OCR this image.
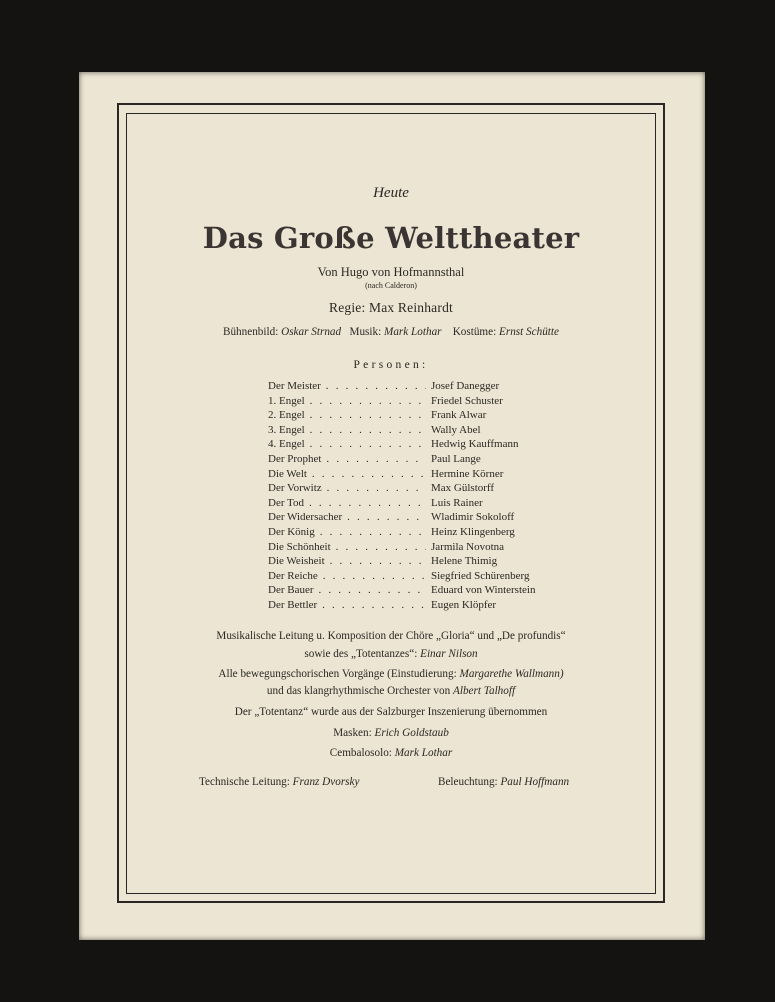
Heute
Das Große Welttheater
Von Hugo von Hofmannsthal
(nach Calderon)
Regie: Max Reinhardt
Bühnenbild: Oskar Strnad Musik: Mark Lothar Kostüme: Ernst Schütte
Personen:
Der Meister . . .	Josef Danegger
1. Engel . . .	Friedel Schuster
2. Engel . . .	Frank Alwar
3. Engel . . .	Wally Abel
4. Engel . . .	Hedwig Kauffmann
Der Prophet . . .	Paul Lange
Die Welt . . .	Hermine Körner
Der Vorwitz . . .	Max Gülstorff
Der Tod . . .	Luis Rainer
Der Widersacher . . .	Wladimir Sokoloff
Der König . . .	Heinz Klingenberg
Die Schönheit . . .	Jarmila Novotna
Die Weisheit . . .	Helene Thimig
Der Reiche . . .	Siegfried Schürenberg
Der Bauer . . .	Eduard von Winterstein
Der Bettler . . .	Eugen Klöpfer
Musikalische Leitung u. Komposition der Chöre „Gloria“ und „De profundis“
sowie des „Totentanzes“: Einar Nilson
Alle bewegungschorischen Vorgänge (Einstudierung: Margarethe Wallmann)
und das klangrhythmische Orchester von Albert Talhoff
Der „Totentanz“ wurde aus der Salzburger Inszenierung übernommen
Masken: Erich Goldstaub
Cembalosolo: Mark Lothar
Technische Leitung: Franz Dvorsky	Beleuchtung: Paul Hoffmann
